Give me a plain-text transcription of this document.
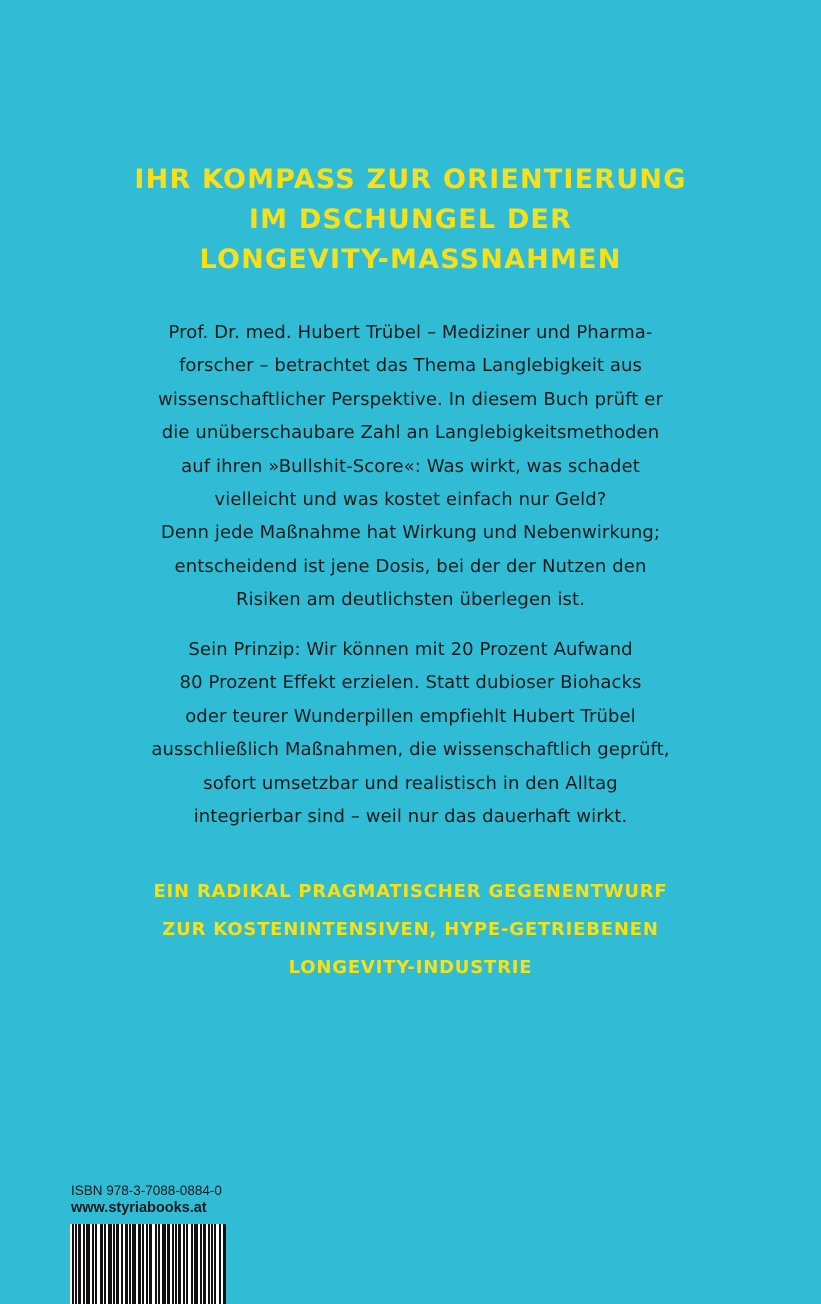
IHR KOMPASS ZUR ORIENTIERUNG
IM DSCHUNGEL DER
LONGEVITY-MASSNAHMEN
Prof. Dr. med. Hubert Trübel – Mediziner und Pharma-
forscher – betrachtet das Thema Langlebigkeit aus
wissenschaftlicher Perspektive. In diesem Buch prüft er
die unüberschaubare Zahl an Langlebigkeitsmethoden
auf ihren »Bullshit-Score«: Was wirkt, was schadet
vielleicht und was kostet einfach nur Geld?
Denn jede Maßnahme hat Wirkung und Nebenwirkung;
entscheidend ist jene Dosis, bei der der Nutzen den
Risiken am deutlichsten überlegen ist.
Sein Prinzip: Wir können mit 20 Prozent Aufwand
80 Prozent Effekt erzielen. Statt dubioser Biohacks
oder teurer Wunderpillen empfiehlt Hubert Trübel
ausschließlich Maßnahmen, die wissenschaftlich geprüft,
sofort umsetzbar und realistisch in den Alltag
integrierbar sind – weil nur das dauerhaft wirkt.
EIN RADIKAL PRAGMATISCHER GEGENENTWURF
ZUR KOSTENINTENSIVEN, HYPE-GETRIEBENEN
LONGEVITY-INDUSTRIE
ISBN 978-3-7088-0884-0
www.styriabooks.at
